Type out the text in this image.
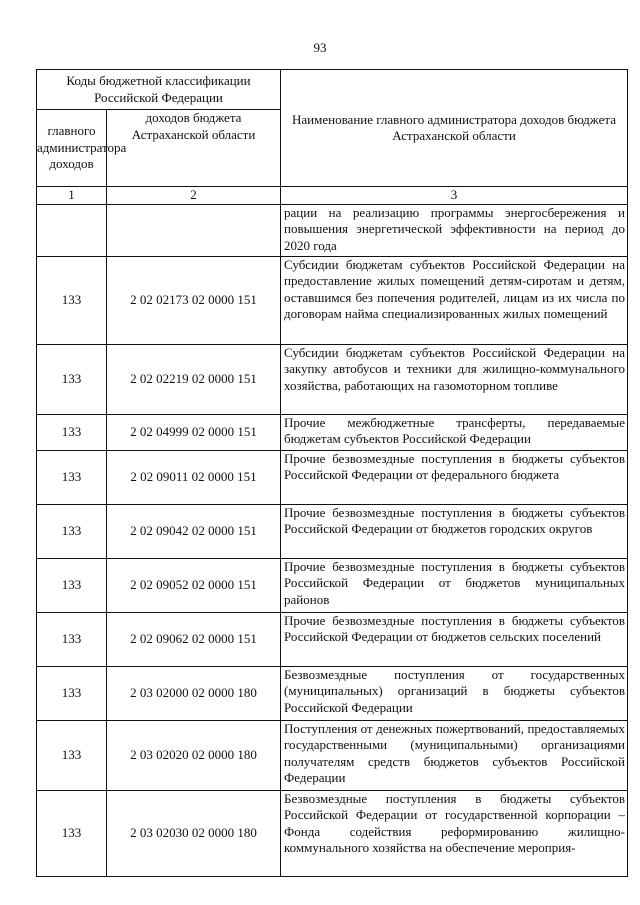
93
Коды бюджетной классификации Российской Федерации		Наименование главного администратора доходов бюджета Астраханской области
главного администратора доходов	доходов бюджета Астраханской области	
1	2	3
		рации на реализацию программы энергосбережения и повышения энергетической эффективности на период до 2020 года
133	2 02 02173 02 0000 151	Субсидии бюджетам субъектов Российской Федерации на предоставление жилых помещений детям-сиротам и детям, оставшимся без попечения родителей, лицам из их числа по договорам найма специализированных жилых помещений
133	2 02 02219 02 0000 151	Субсидии бюджетам субъектов Российской Федерации на закупку автобусов и техники для жилищно-коммунального хозяйства, работающих на газомоторном топливе
133	2 02 04999 02 0000 151	Прочие межбюджетные трансферты, передаваемые бюджетам субъектов Российской Федерации
133	2 02 09011 02 0000 151	Прочие безвозмездные поступления в бюджеты субъектов Российской Федерации от федерального бюджета
133	2 02 09042 02 0000 151	Прочие безвозмездные поступления в бюджеты субъектов Российской Федерации от бюджетов городских округов
133	2 02 09052 02 0000 151	Прочие безвозмездные поступления в бюджеты субъектов Российской Федерации от бюджетов муниципальных районов
133	2 02 09062 02 0000 151	Прочие безвозмездные поступления в бюджеты субъектов Российской Федерации от бюджетов сельских поселений
133	2 03 02000 02 0000 180	Безвозмездные поступления от государственных (муниципальных) организаций в бюджеты субъектов Российской Федерации
133	2 03 02020 02 0000 180	Поступления от денежных пожертвований, предоставляемых государственными (муниципальными) организациями получателям средств бюджетов субъектов Российской Федерации
133	2 03 02030 02 0000 180	Безвозмездные поступления в бюджеты субъектов Российской Федерации от государственной корпорации – Фонда содействия реформированию жилищно-коммунального хозяйства на обеспечение мероприя-
